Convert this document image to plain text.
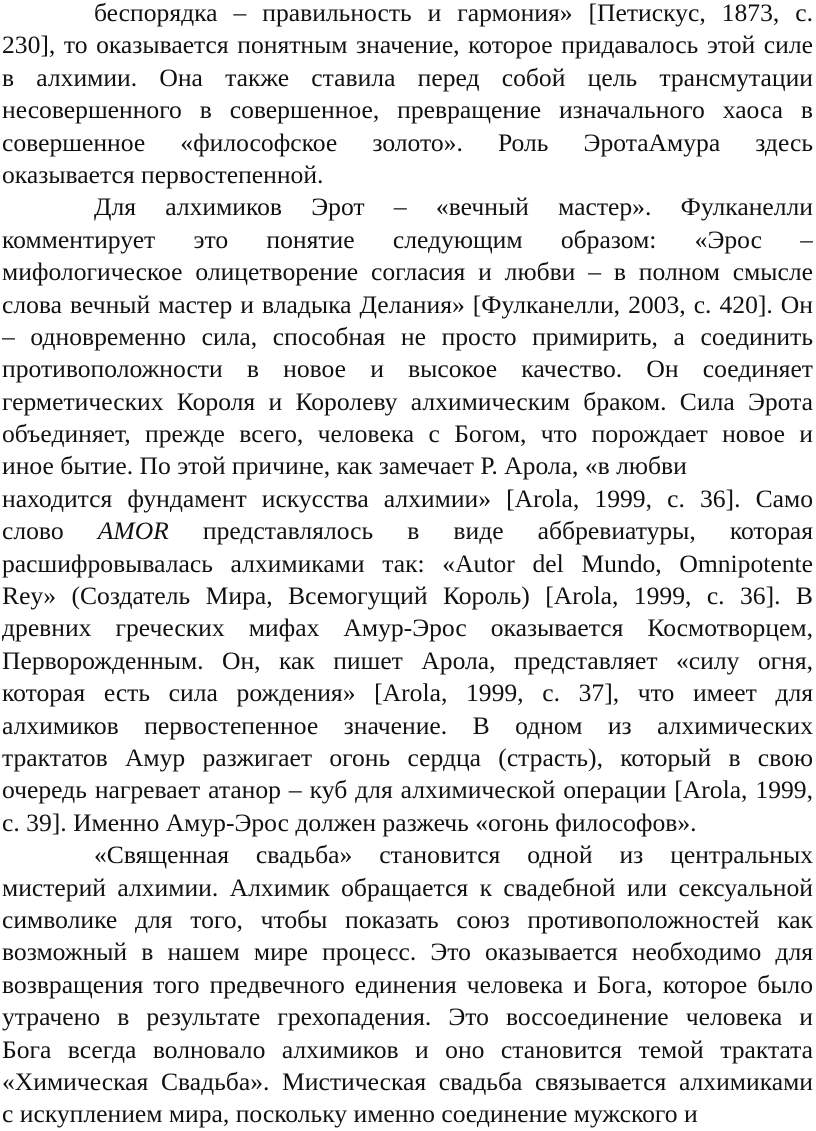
беспорядка – правильность и гармония» [Петискус, 1873, с.
230], то оказывается понятным значение, которое придавалось этой силе
в алхимии. Она также ставила перед собой цель трансмутации
несовершенного в совершенное, превращение изначального хаоса в
совершенное «философское золото». Роль ЭротаАмура здесь
оказывается первостепенной.
Для алхимиков Эрот – «вечный мастер». Фулканелли
комментирует это понятие следующим образом: «Эрос –
мифологическое олицетворение согласия и любви – в полном смысле
слова вечный мастер и владыка Делания» [Фулканелли, 2003, с. 420]. Он
– одновременно сила, способная не просто примирить, а соединить
противоположности в новое и высокое качество. Он соединяет
герметических Короля и Королеву алхимическим браком. Сила Эрота
объединяет, прежде всего, человека с Богом, что порождает новое и
иное бытие. По этой причине, как замечает Р. Арола, «в любви
находится фундамент искусства алхимии» [Arola, 1999, с. 36]. Само
слово AMOR представлялось в виде аббревиатуры, которая
расшифровывалась алхимиками так: «Autor del Mundo, Omnipotente
Rey» (Создатель Мира, Всемогущий Король) [Arola, 1999, с. 36]. В
древних греческих мифах Амур-Эрос оказывается Космотворцем,
Перворожденным. Он, как пишет Арола, представляет «силу огня,
которая есть сила рождения» [Arola, 1999, с. 37], что имеет для
алхимиков первостепенное значение. В одном из алхимических
трактатов Амур разжигает огонь сердца (страсть), который в свою
очередь нагревает атанор – куб для алхимической операции [Arola, 1999,
с. 39]. Именно Амур-Эрос должен разжечь «огонь философов».
«Священная свадьба» становится одной из центральных
мистерий алхимии. Алхимик обращается к свадебной или сексуальной
символике для того, чтобы показать союз противоположностей как
возможный в нашем мире процесс. Это оказывается необходимо для
возвращения того предвечного единения человека и Бога, которое было
утрачено в результате грехопадения. Это воссоединение человека и
Бога всегда волновало алхимиков и оно становится темой трактата
«Химическая Свадьба». Мистическая свадьба связывается алхимиками
с искуплением мира, поскольку именно соединение мужского и
